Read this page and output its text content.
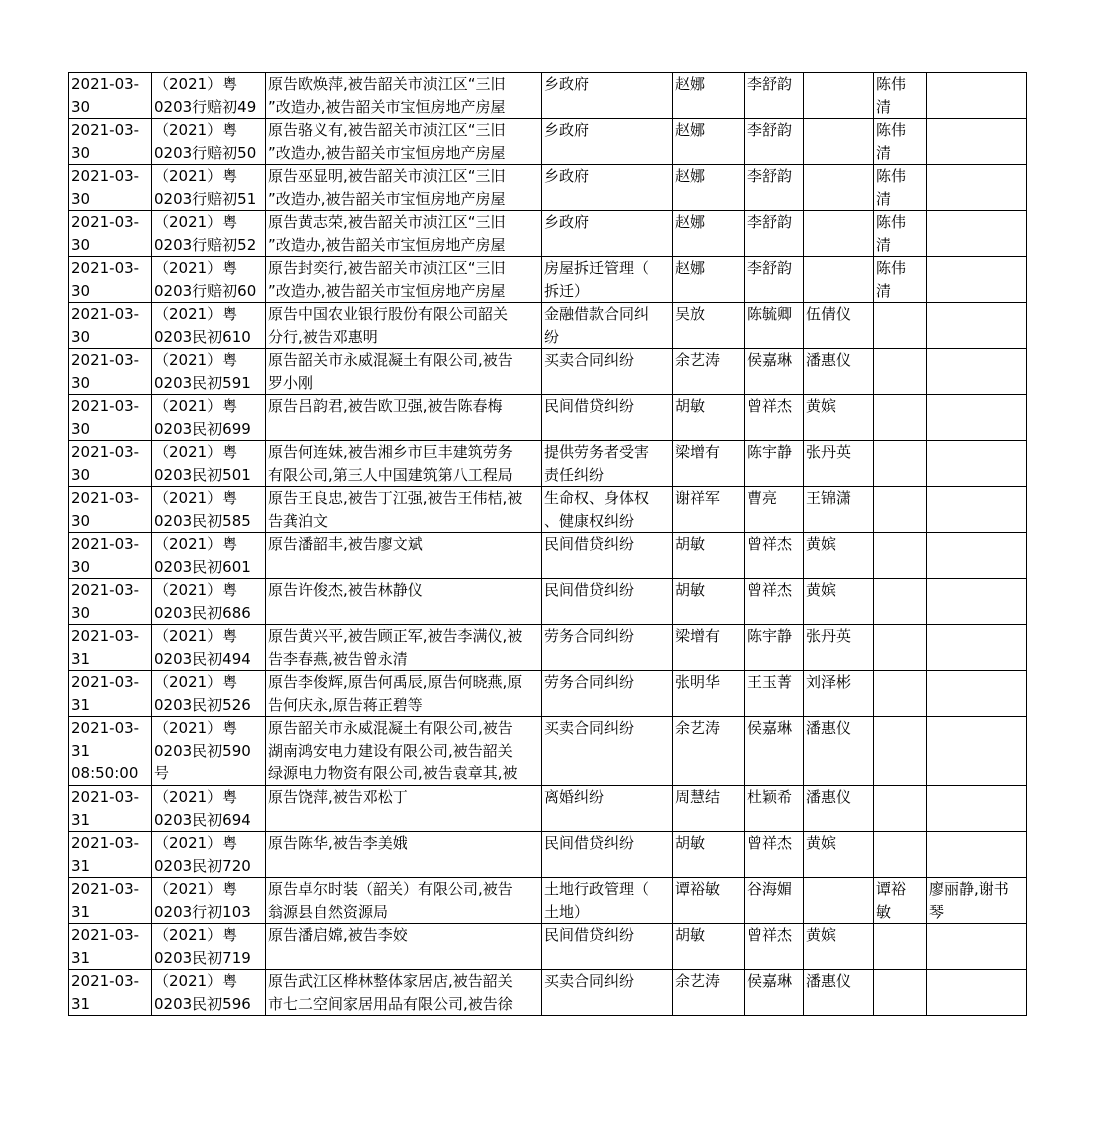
2021-03-
30	（2021）粤
0203行赔初49	原告欧焕萍,被告韶关市浈江区“三旧
”改造办,被告韶关市宝恒房地产房屋	乡政府	赵娜	李舒韵		陈伟
清	

2021-03-
30	（2021）粤
0203行赔初50	原告骆义有,被告韶关市浈江区“三旧
”改造办,被告韶关市宝恒房地产房屋	乡政府	赵娜	李舒韵		陈伟
清	

2021-03-
30	（2021）粤
0203行赔初51	原告巫显明,被告韶关市浈江区“三旧
”改造办,被告韶关市宝恒房地产房屋	乡政府	赵娜	李舒韵		陈伟
清	

2021-03-
30	（2021）粤
0203行赔初52	原告黄志荣,被告韶关市浈江区“三旧
”改造办,被告韶关市宝恒房地产房屋	乡政府	赵娜	李舒韵		陈伟
清	

2021-03-
30	（2021）粤
0203行赔初60	原告封奕行,被告韶关市浈江区“三旧
”改造办,被告韶关市宝恒房地产房屋	房屋拆迁管理（
拆迁）	赵娜	李舒韵		陈伟
清	

2021-03-
30	（2021）粤
0203民初610	原告中国农业银行股份有限公司韶关
分行,被告邓惠明	金融借款合同纠
纷	吴放	陈毓卿	伍倩仪		

2021-03-
30	（2021）粤
0203民初591	原告韶关市永威混凝土有限公司,被告
罗小刚	买卖合同纠纷	余艺涛	侯嘉琳	潘惠仪		

2021-03-
30	（2021）粤
0203民初699	原告吕韵君,被告欧卫强,被告陈春梅	民间借贷纠纷	胡敏	曾祥杰	黄嫔		

2021-03-
30	（2021）粤
0203民初501	原告何连妹,被告湘乡市巨丰建筑劳务
有限公司,第三人中国建筑第八工程局	提供劳务者受害
责任纠纷	梁增有	陈宇静	张丹英		

2021-03-
30	（2021）粤
0203民初585	原告王良忠,被告丁江强,被告王伟桔,被
告龚泊文	生命权、身体权
、健康权纠纷	谢祥军	曹亮	王锦潇		

2021-03-
30	（2021）粤
0203民初601	原告潘韶丰,被告廖文斌	民间借贷纠纷	胡敏	曾祥杰	黄嫔		

2021-03-
30	（2021）粤
0203民初686	原告许俊杰,被告林静仪	民间借贷纠纷	胡敏	曾祥杰	黄嫔		

2021-03-
31	（2021）粤
0203民初494	原告黄兴平,被告顾正军,被告李满仪,被
告李春燕,被告曾永清	劳务合同纠纷	梁增有	陈宇静	张丹英		

2021-03-
31	（2021）粤
0203民初526	原告李俊辉,原告何禹辰,原告何晓燕,原
告何庆永,原告蒋正碧等	劳务合同纠纷	张明华	王玉菁	刘泽彬		

2021-03-
31
08:50:00	（2021）粤
0203民初590
号	原告韶关市永威混凝土有限公司,被告
湖南鸿安电力建设有限公司,被告韶关
绿源电力物资有限公司,被告袁章其,被	买卖合同纠纷	余艺涛	侯嘉琳	潘惠仪		

2021-03-
31	（2021）粤
0203民初694	原告饶萍,被告邓松丁	离婚纠纷	周慧结	杜颖希	潘惠仪		

2021-03-
31	（2021）粤
0203民初720	原告陈华,被告李美娥	民间借贷纠纷	胡敏	曾祥杰	黄嫔		

2021-03-
31	（2021）粤
0203行初103	原告卓尔时装（韶关）有限公司,被告
翁源县自然资源局	土地行政管理（
土地）	谭裕敏	谷海媚		谭裕
敏	廖丽静,谢书
琴

2021-03-
31	（2021）粤
0203民初719	原告潘启嫦,被告李姣	民间借贷纠纷	胡敏	曾祥杰	黄嫔		

2021-03-
31	（2021）粤
0203民初596	原告武江区桦林整体家居店,被告韶关
市七二空间家居用品有限公司,被告徐	买卖合同纠纷	余艺涛	侯嘉琳	潘惠仪		
